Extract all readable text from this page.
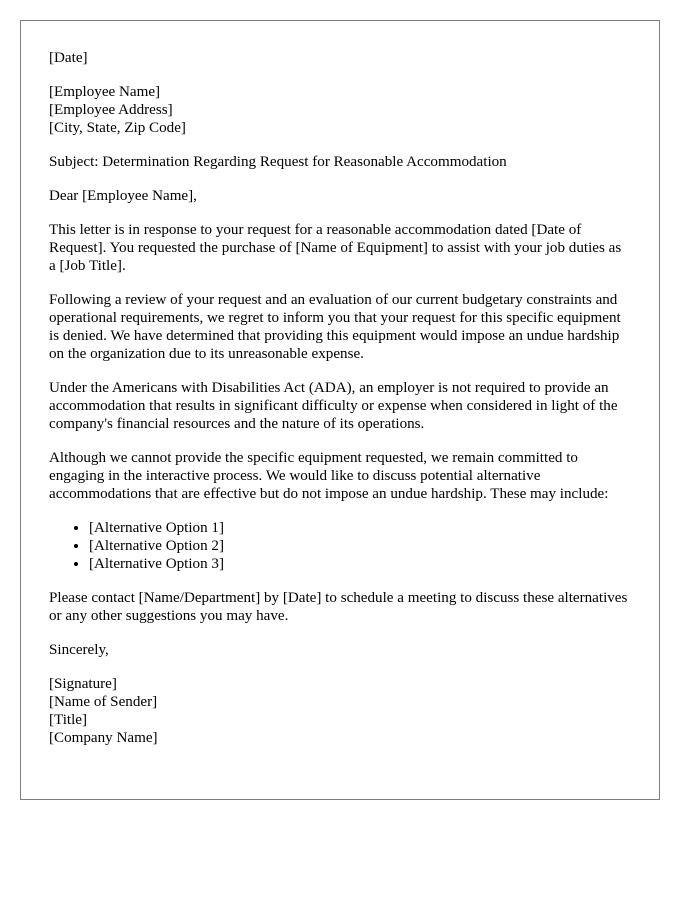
[Date]

[Employee Name]
[Employee Address]
[City, State, Zip Code]

Subject: Determination Regarding Request for Reasonable Accommodation

Dear [Employee Name],

This letter is in response to your request for a reasonable accommodation dated [Date of Request]. You requested the purchase of [Name of Equipment] to assist with your job duties as a [Job Title].

Following a review of your request and an evaluation of our current budgetary constraints and operational requirements, we regret to inform you that your request for this specific equipment is denied. We have determined that providing this equipment would impose an undue hardship on the organization due to its unreasonable expense.

Under the Americans with Disabilities Act (ADA), an employer is not required to provide an accommodation that results in significant difficulty or expense when considered in light of the company's financial resources and the nature of its operations.

Although we cannot provide the specific equipment requested, we remain committed to engaging in the interactive process. We would like to discuss potential alternative accommodations that are effective but do not impose an undue hardship. These may include:

• [Alternative Option 1]
• [Alternative Option 2]
• [Alternative Option 3]

Please contact [Name/Department] by [Date] to schedule a meeting to discuss these alternatives or any other suggestions you may have.

Sincerely,

[Signature]
[Name of Sender]
[Title]
[Company Name]
